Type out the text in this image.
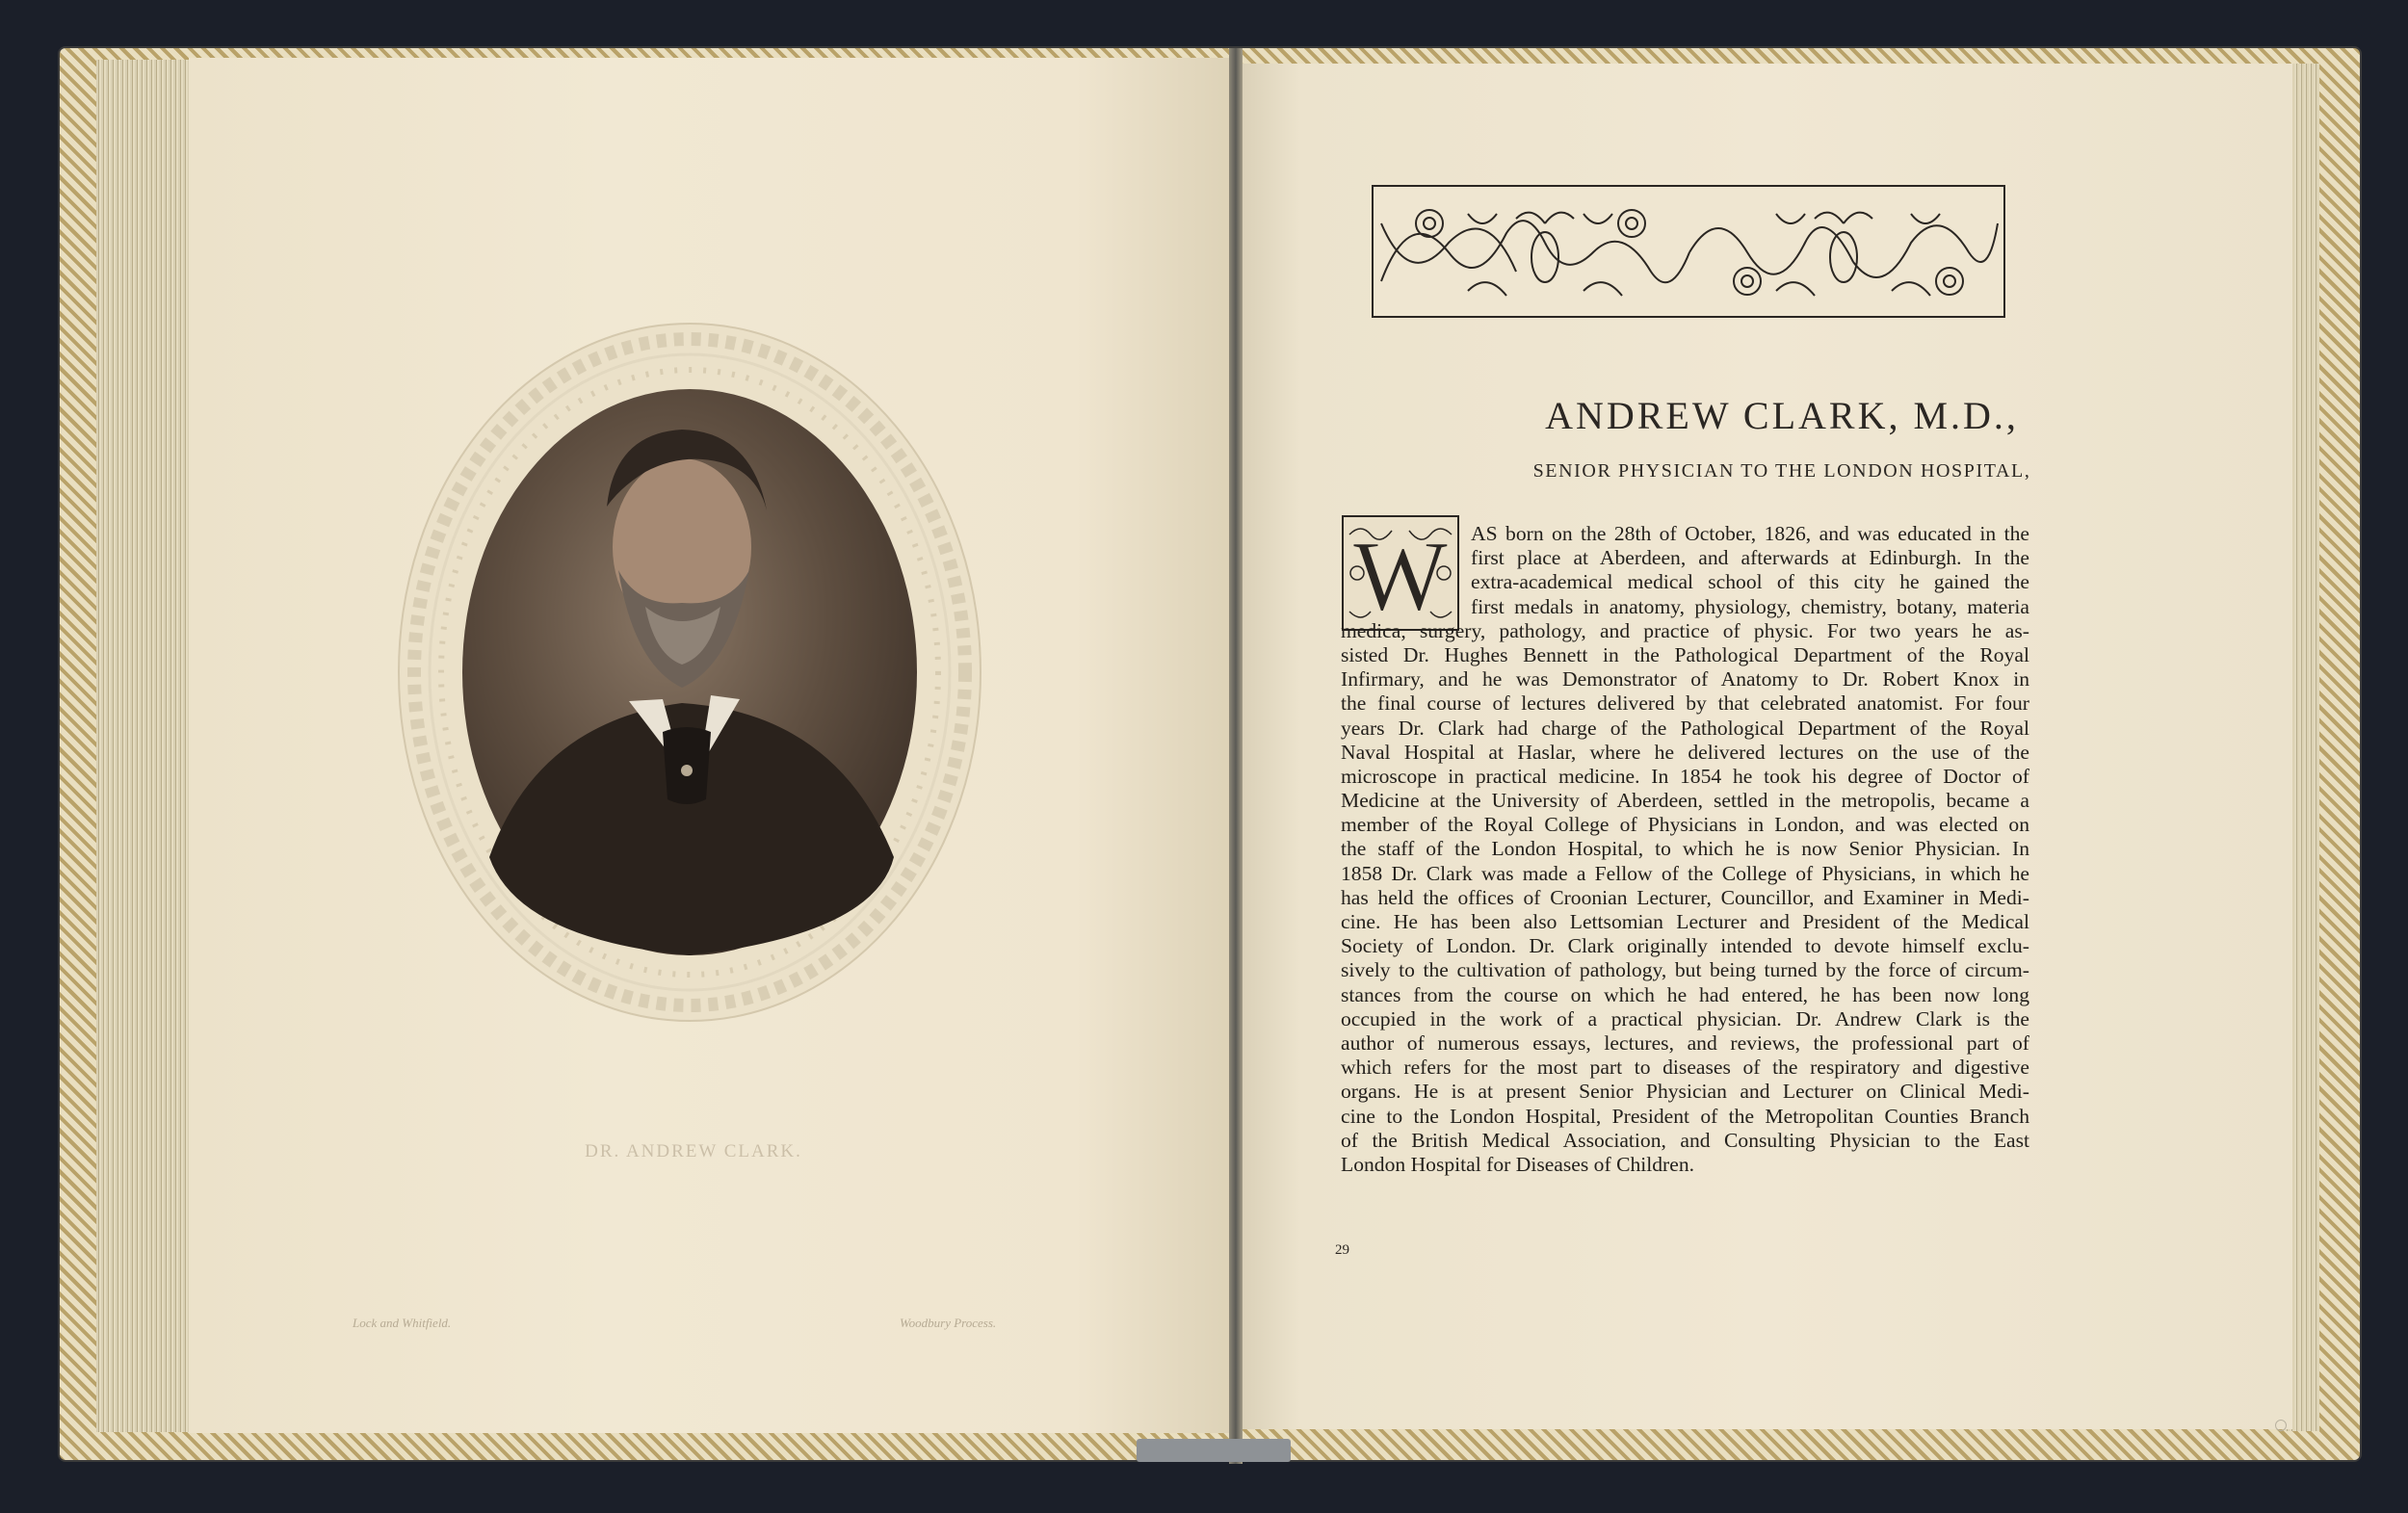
DR. ANDREW CLARK.
Lock and Whitfield.	Woodbury Process.
ANDREW CLARK, M.D.,
SENIOR PHYSICIAN TO THE LONDON HOSPITAL,
W	AS born on the 28th of October, 1826, and was educated in the
first place at Aberdeen, and afterwards at Edinburgh. In the
extra-academical medical school of this city he gained the
first medals in anatomy, physiology, chemistry, botany, materia
medica, surgery, pathology, and practice of physic. For two years he as-
sisted Dr. Hughes Bennett in the Pathological Department of the Royal
Infirmary, and he was Demonstrator of Anatomy to Dr. Robert Knox in
the final course of lectures delivered by that celebrated anatomist. For four
years Dr. Clark had charge of the Pathological Department of the Royal
Naval Hospital at Haslar, where he delivered lectures on the use of the
microscope in practical medicine. In 1854 he took his degree of Doctor of
Medicine at the University of Aberdeen, settled in the metropolis, became a
member of the Royal College of Physicians in London, and was elected on
the staff of the London Hospital, to which he is now Senior Physician. In
1858 Dr. Clark was made a Fellow of the College of Physicians, in which he
has held the offices of Croonian Lecturer, Councillor, and Examiner in Medi-
cine. He has been also Lettsomian Lecturer and President of the Medical
Society of London. Dr. Clark originally intended to devote himself exclu-
sively to the cultivation of pathology, but being turned by the force of circum-
stances from the course on which he had entered, he has been now long
occupied in the work of a practical physician. Dr. Andrew Clark is the
author of numerous essays, lectures, and reviews, the professional part of
which refers for the most part to diseases of the respiratory and digestive
organs. He is at present Senior Physician and Lecturer on Clinical Medi-
cine to the London Hospital, President of the Metropolitan Counties Branch
of the British Medical Association, and Consulting Physician to the East
London Hospital for Diseases of Children.
29
